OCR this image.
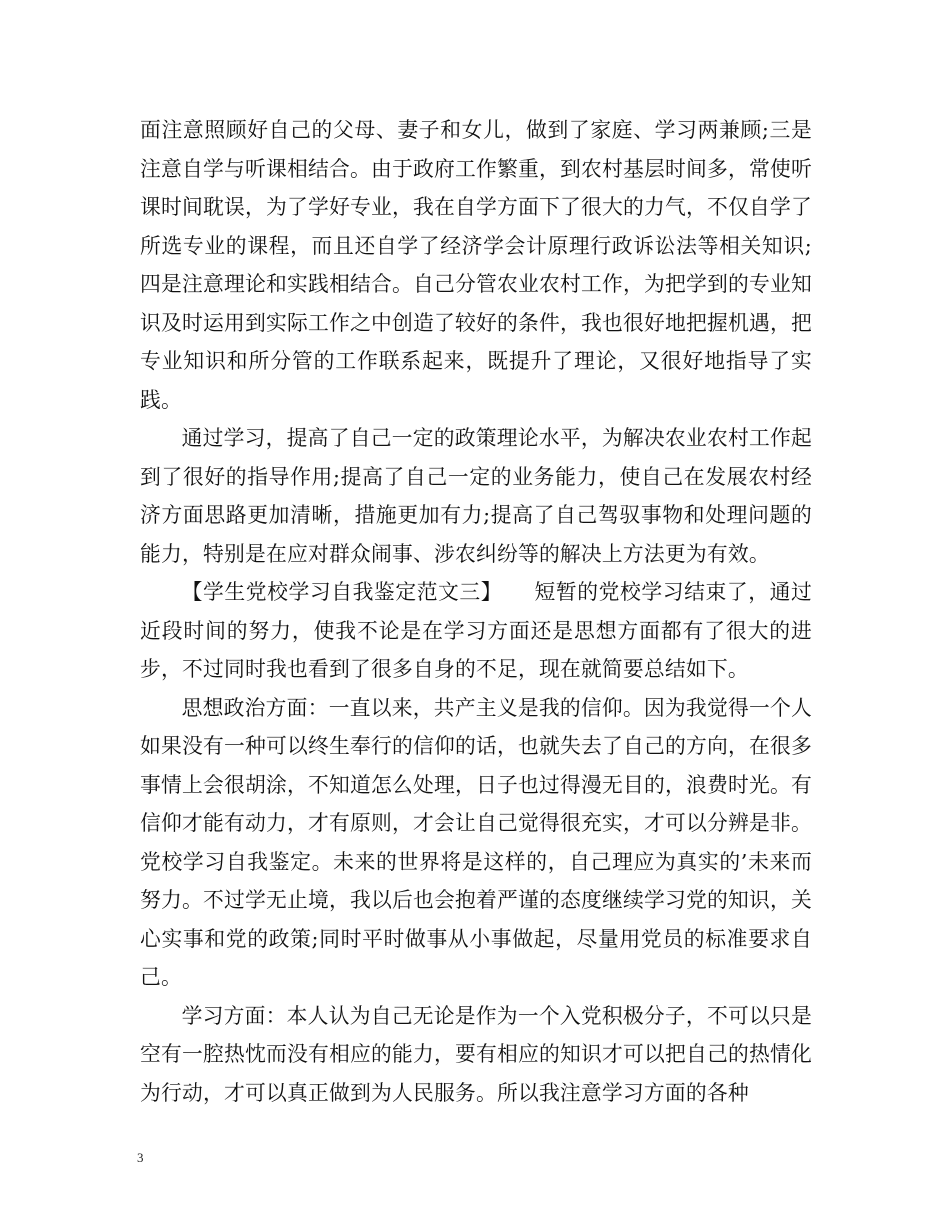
面注意照顾好自己的父母、妻子和女儿，做到了家庭、学习两兼顾;三是注意自学与听课相结合。由于政府工作繁重，到农村基层时间多，常使听课时间耽误，为了学好专业，我在自学方面下了很大的力气，不仅自学了所选专业的课程，而且还自学了经济学会计原理行政诉讼法等相关知识;四是注意理论和实践相结合。自己分管农业农村工作，为把学到的专业知识及时运用到实际工作之中创造了较好的条件，我也很好地把握机遇，把专业知识和所分管的工作联系起来，既提升了理论，又很好地指导了实践。

通过学习，提高了自己一定的政策理论水平，为解决农业农村工作起到了很好的指导作用;提高了自己一定的业务能力，使自己在发展农村经济方面思路更加清晰，措施更加有力;提高了自己驾驭事物和处理问题的能力，特别是在应对群众闹事、涉农纠纷等的解决上方法更为有效。

【学生党校学习自我鉴定范文三】　　短暂的党校学习结束了，通过近段时间的努力，使我不论是在学习方面还是思想方面都有了很大的进步，不过同时我也看到了很多自身的不足，现在就简要总结如下。

思想政治方面：一直以来，共产主义是我的信仰。因为我觉得一个人如果没有一种可以终生奉行的信仰的话，也就失去了自己的方向，在很多事情上会很胡涂，不知道怎么处理，日子也过得漫无目的，浪费时光。有信仰才能有动力，才有原则，才会让自己觉得很充实，才可以分辨是非。党校学习自我鉴定。未来的世界将是这样的，自己理应为真实的’未来而努力。不过学无止境，我以后也会抱着严谨的态度继续学习党的知识，关心实事和党的政策;同时平时做事从小事做起，尽量用党员的标准要求自己。

学习方面：本人认为自己无论是作为一个入党积极分子，不可以只是空有一腔热忱而没有相应的能力，要有相应的知识才可以把自己的热情化为行动，才可以真正做到为人民服务。所以我注意学习方面的各种

3
